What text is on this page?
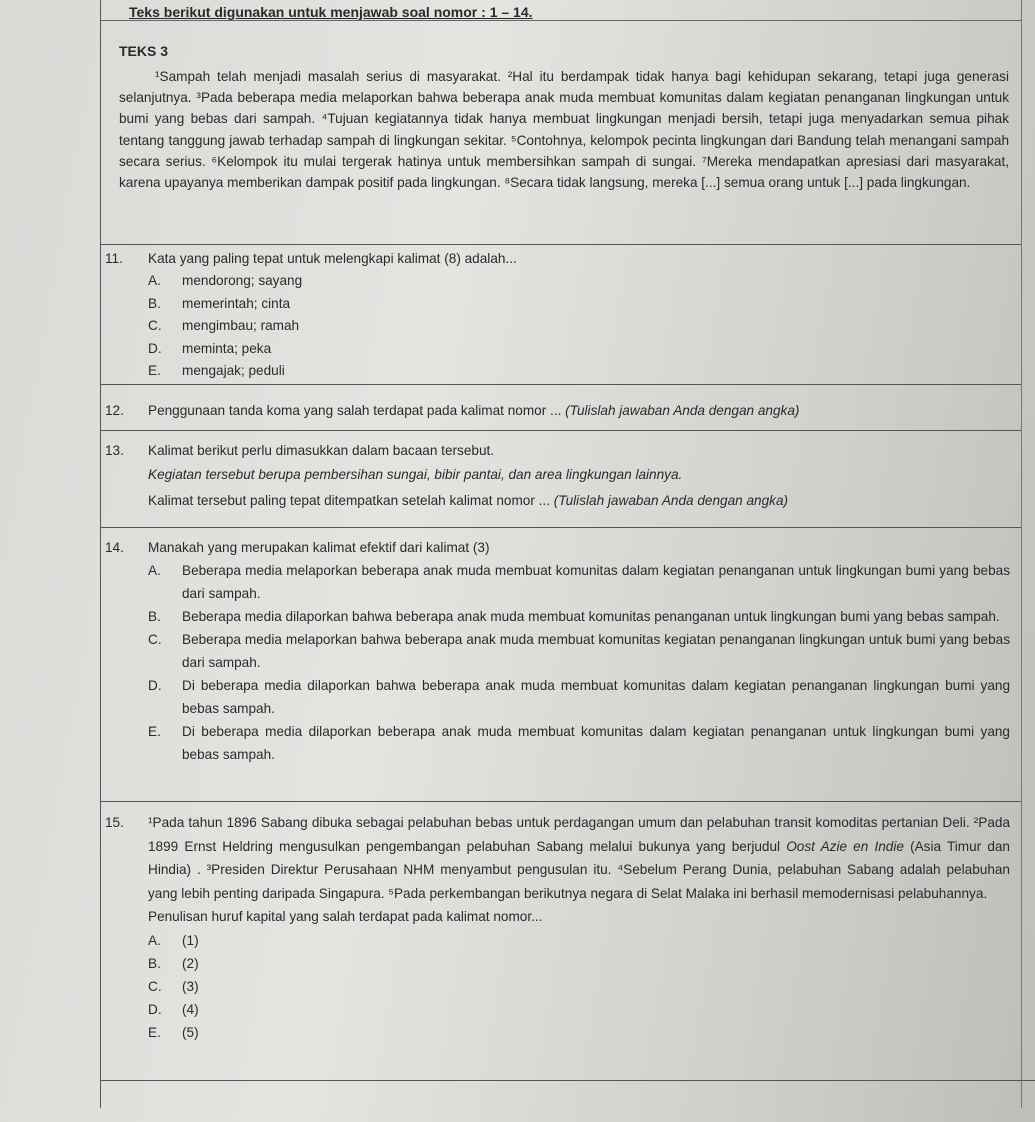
Teks berikut digunakan untuk menjawab soal nomor : 1 – 14.
TEKS 3
¹Sampah telah menjadi masalah serius di masyarakat. ²Hal itu berdampak tidak hanya bagi kehidupan sekarang, tetapi juga generasi selanjutnya. ³Pada beberapa media melaporkan bahwa beberapa anak muda membuat komunitas dalam kegiatan penanganan lingkungan untuk bumi yang bebas dari sampah. ⁴Tujuan kegiatannya tidak hanya membuat lingkungan menjadi bersih, tetapi juga menyadarkan semua pihak tentang tanggung jawab terhadap sampah di lingkungan sekitar. ⁵Contohnya, kelompok pecinta lingkungan dari Bandung telah menangani sampah secara serius. ⁶Kelompok itu mulai tergerak hatinya untuk membersihkan sampah di sungai. ⁷Mereka mendapatkan apresiasi dari masyarakat, karena upayanya memberikan dampak positif pada lingkungan. ⁸Secara tidak langsung, mereka [...] semua orang untuk [...] pada lingkungan.
11.	Kata yang paling tepat untuk melengkapi kalimat (8) adalah...
A.	mendorong; sayang
B.	memerintah; cinta
C.	mengimbau; ramah
D.	meminta; peka
E.	mengajak; peduli
12.	Penggunaan tanda koma yang salah terdapat pada kalimat nomor ... (Tulislah jawaban Anda dengan angka)
13.	Kalimat berikut perlu dimasukkan dalam bacaan tersebut.
Kegiatan tersebut berupa pembersihan sungai, bibir pantai, dan area lingkungan lainnya.
Kalimat tersebut paling tepat ditempatkan setelah kalimat nomor ... (Tulislah jawaban Anda dengan angka)
14.	Manakah yang merupakan kalimat efektif dari kalimat (3)
A.	Beberapa media melaporkan beberapa anak muda membuat komunitas dalam kegiatan penanganan untuk lingkungan bumi yang bebas dari sampah.
B.	Beberapa media dilaporkan bahwa beberapa anak muda membuat komunitas penanganan untuk lingkungan bumi yang bebas sampah.
C.	Beberapa media melaporkan bahwa beberapa anak muda membuat komunitas kegiatan penanganan lingkungan untuk bumi yang bebas dari sampah.
D.	Di beberapa media dilaporkan bahwa beberapa anak muda membuat komunitas dalam kegiatan penanganan lingkungan bumi yang bebas sampah.
E.	Di beberapa media dilaporkan beberapa anak muda membuat komunitas dalam kegiatan penanganan untuk lingkungan bumi yang bebas sampah.
15.	¹Pada tahun 1896 Sabang dibuka sebagai pelabuhan bebas untuk perdagangan umum dan pelabuhan transit komoditas pertanian Deli. ²Pada 1899 Ernst Heldring mengusulkan pengembangan pelabuhan Sabang melalui bukunya yang berjudul Oost Azie en Indie (Asia Timur dan Hindia) . ³Presiden Direktur Perusahaan NHM menyambut pengusulan itu. ⁴Sebelum Perang Dunia, pelabuhan Sabang adalah pelabuhan yang lebih penting daripada Singapura. ⁵Pada perkembangan berikutnya negara di Selat Malaka ini berhasil memodernisasi pelabuhannya.
Penulisan huruf kapital yang salah terdapat pada kalimat nomor...
A.	(1)
B.	(2)
C.	(3)
D.	(4)
E.	(5)
